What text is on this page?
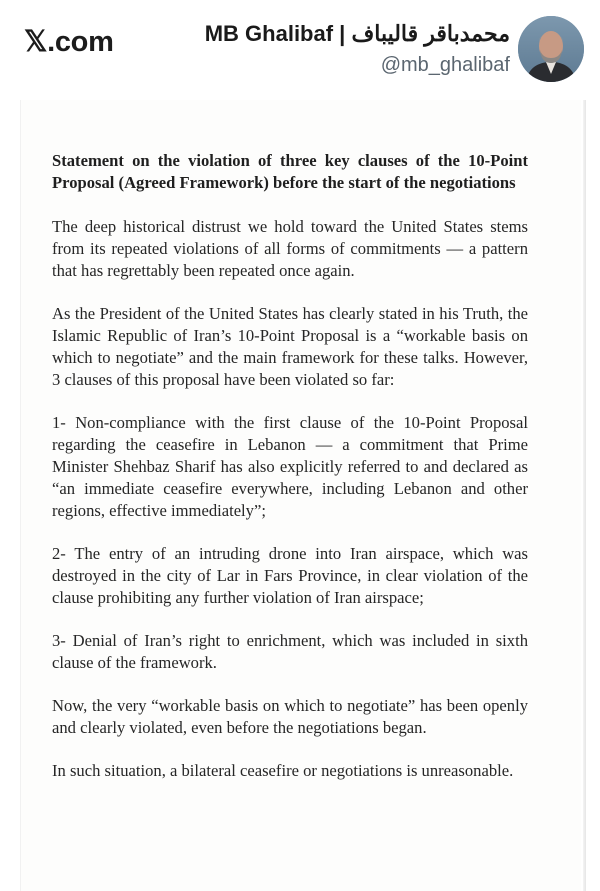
𝕏.com	MB Ghalibaf | محمدباقر قالیباف
@mb_ghalibaf

Statement on the violation of three key clauses of the 10-Point Proposal (Agreed Framework) before the start of the negotiations

The deep historical distrust we hold toward the United States stems from its repeated violations of all forms of commitments — a pattern that has regrettably been repeated once again.

As the President of the United States has clearly stated in his Truth, the Islamic Republic of Iran’s 10-Point Proposal is a “workable basis on which to negotiate” and the main framework for these talks. However, 3 clauses of this proposal have been violated so far:

1- Non-compliance with the first clause of the 10-Point Proposal regarding the ceasefire in Lebanon — a commitment that Prime Minister Shehbaz Sharif has also explicitly referred to and declared as “an immediate ceasefire everywhere, including Lebanon and other regions, effective immediately”;

2- The entry of an intruding drone into Iran airspace, which was destroyed in the city of Lar in Fars Province, in clear violation of the clause prohibiting any further violation of Iran airspace;

3- Denial of Iran’s right to enrichment, which was included in sixth clause of the framework.

Now, the very “workable basis on which to negotiate” has been openly and clearly violated, even before the negotiations began.

In such situation, a bilateral ceasefire or negotiations is unreasonable.
